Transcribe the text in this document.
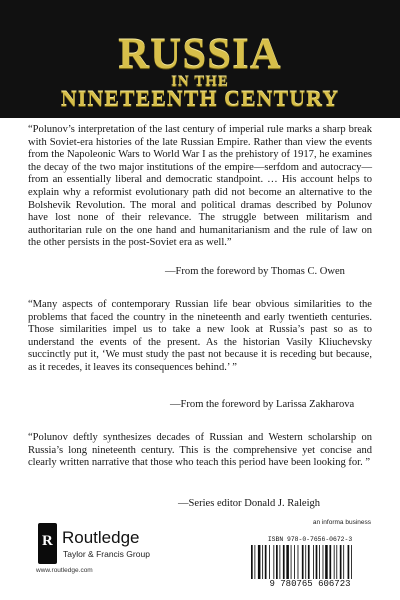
RUSSIA
IN THE
NINETEENTH CENTURY
“Polunov’s interpretation of the last century of imperial rule marks a sharp break with Soviet-era histories of the late Russian Empire. Rather than view the events from the Napoleonic Wars to World War I as the prehistory of 1917, he examines the decay of the two major institutions of the empire—serfdom and autocracy—from an essentially liberal and democratic standpoint. … His account helps to explain why a reformist evolutionary path did not become an alternative to the Bolshevik Revolution. The moral and political dramas described by Polunov have lost none of their relevance. The struggle between militarism and authoritarian rule on the one hand and humanitarianism and the rule of law on the other persists in the post-Soviet era as well.”
—From the foreword by Thomas C. Owen
“Many aspects of contemporary Russian life bear obvious similarities to the problems that faced the country in the nineteenth and early twentieth centuries. Those similarities impel us to take a new look at Russia’s past so as to understand the events of the present. As the historian Vasily Kliuchevsky succinctly put it, ‘We must study the past not because it is receding but because, as it recedes, it leaves its consequences behind.’ ”
—From the foreword by Larissa Zakharova
“Polunov deftly synthesizes decades of Russian and Western scholarship on Russia’s long nineteenth century. This is the comprehensive yet concise and clearly written narrative that those who teach this period have been looking for. ”
—Series editor Donald J. Raleigh
R Routledge
Taylor & Francis Group
www.routledge.com
an informa business
ISBN 978-0-7656-0672-3
9 780765 606723
